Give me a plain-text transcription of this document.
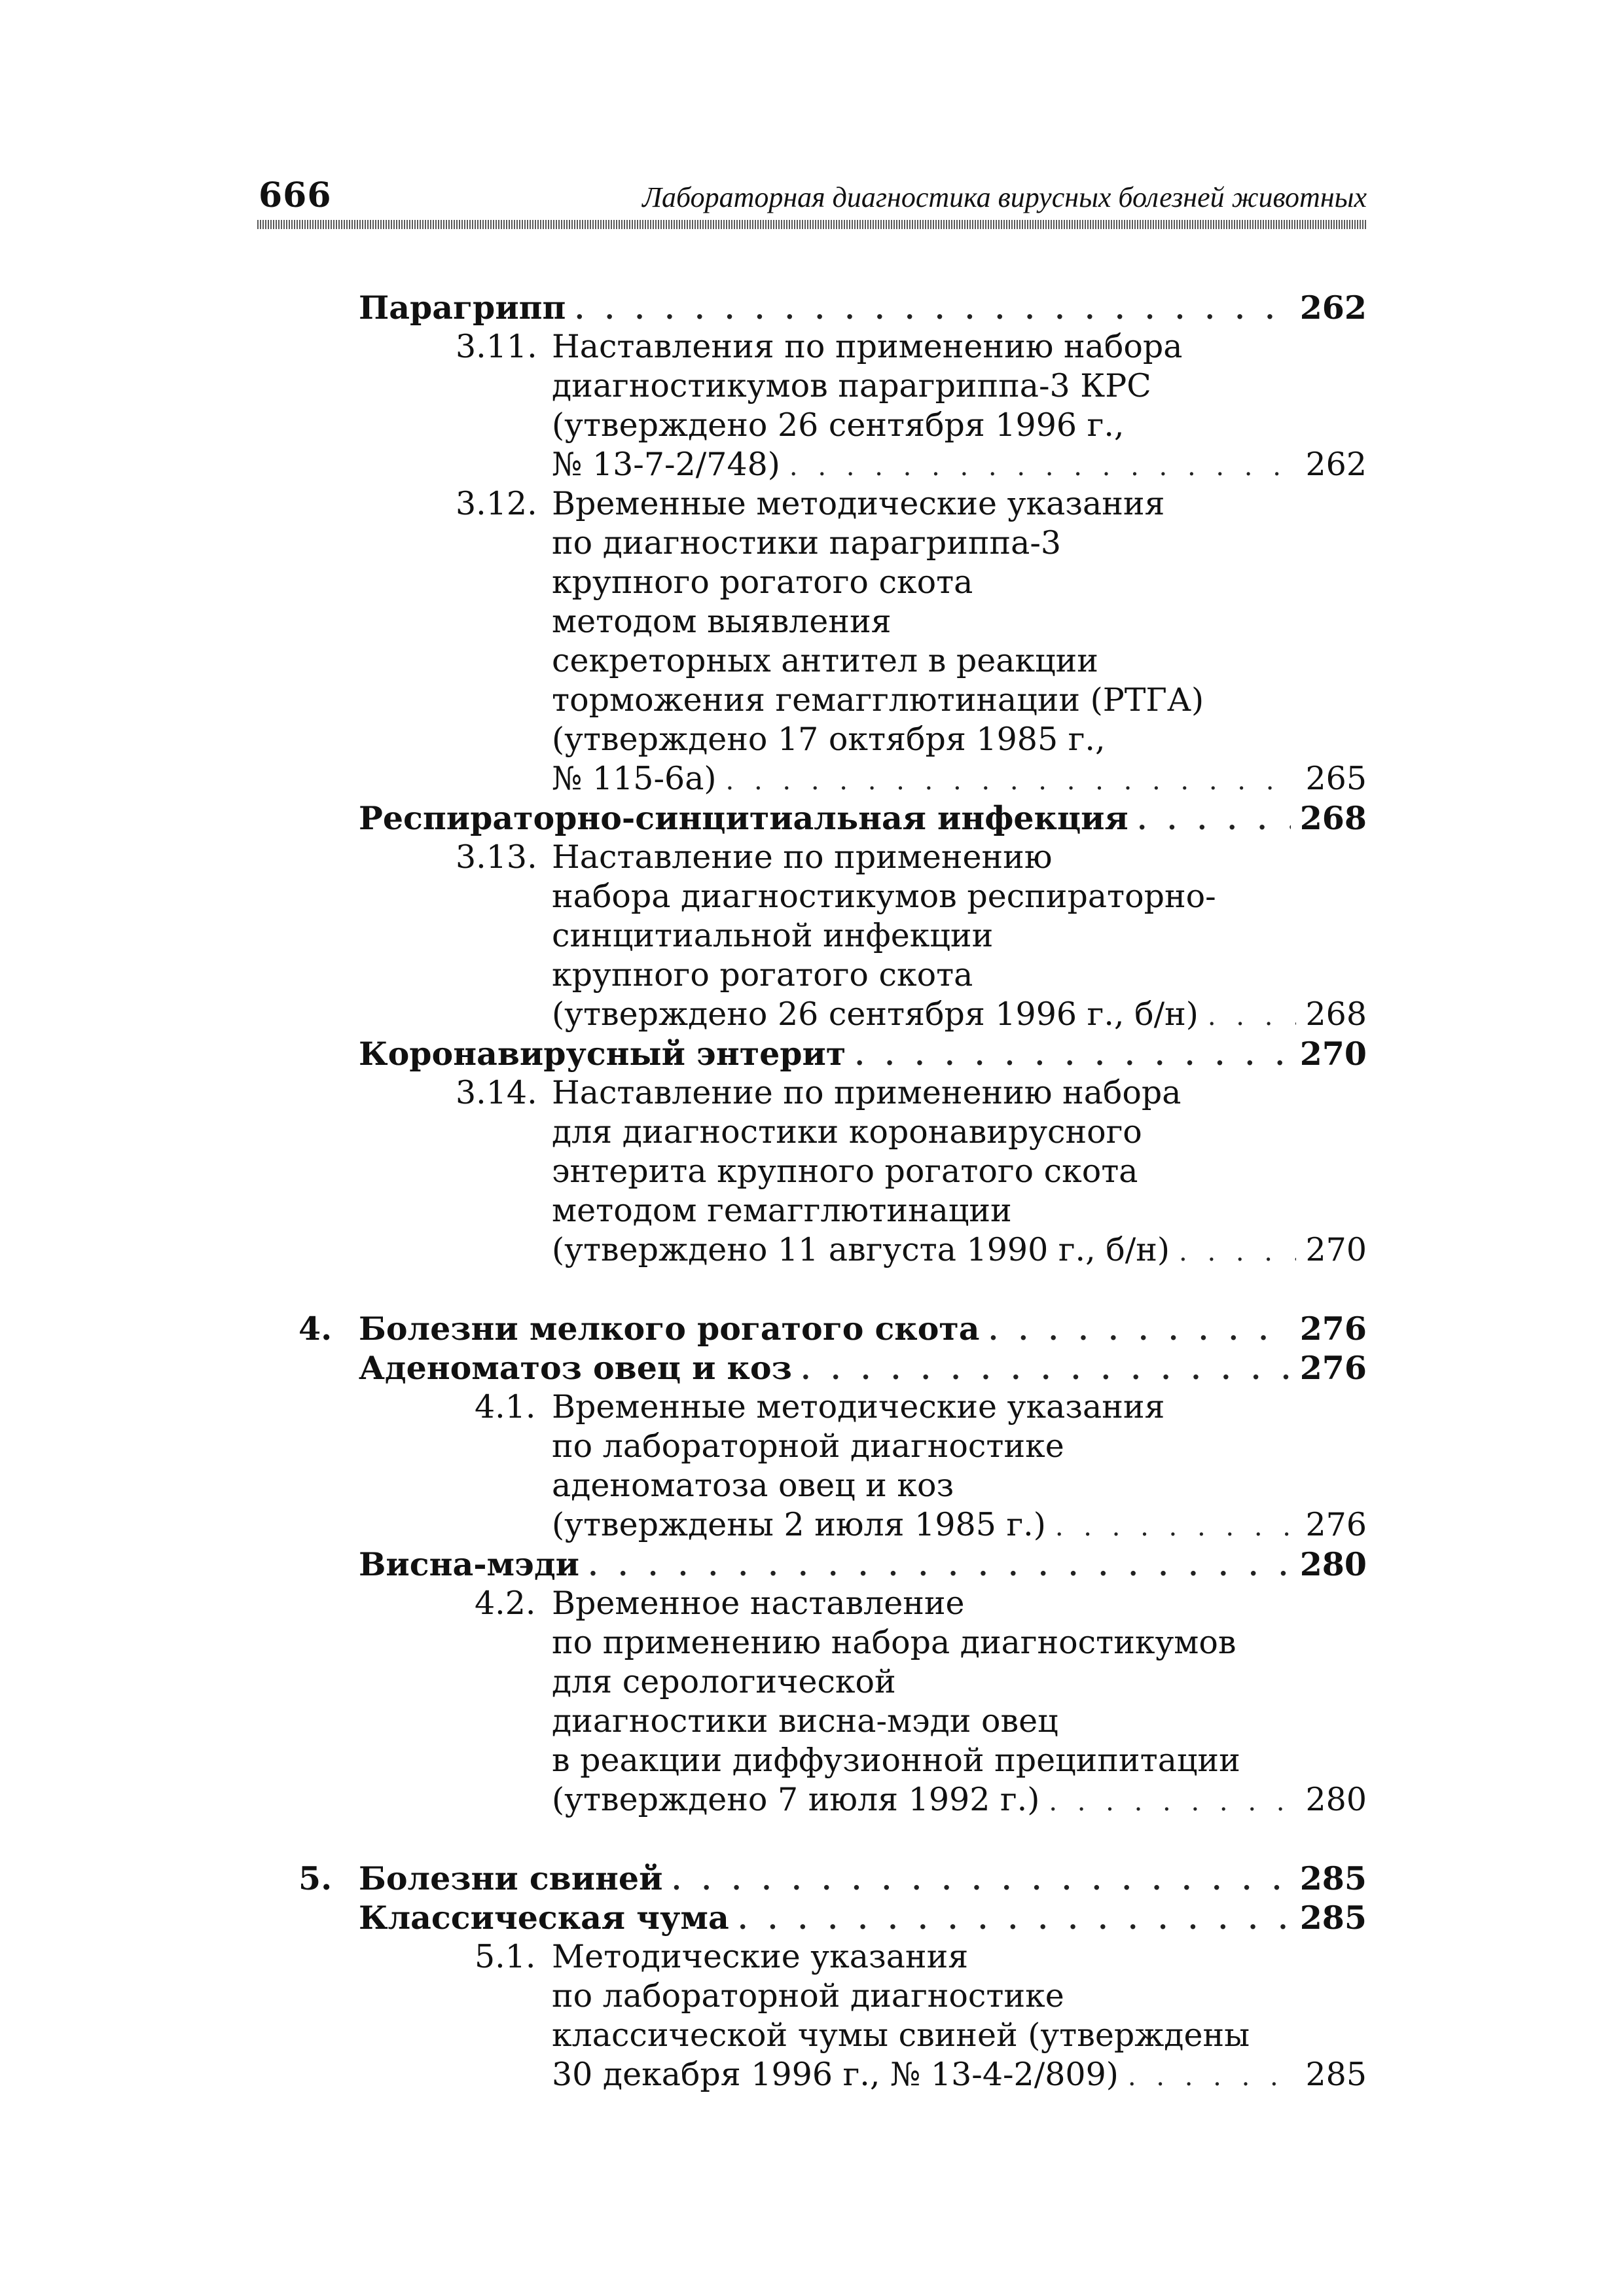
666	Лабораторная диагностика вирусных болезней животных
Парагрипп . . .	262
3.11. Наставления по применению набора
диагностикумов парагриппа-3 КРС
(утверждено 26 сентября 1996 г.,
№ 13-7-2/748) . . .	262
3.12. Временные методические указания
по диагностики парагриппа-3
крупного рогатого скота
методом выявления
секреторных антител в реакции
торможения гемагглютинации (РТГА)
(утверждено 17 октября 1985 г.,
№ 115-6а) . . .	265
Респираторно-синцитиальная инфекция . . .	268
3.13. Наставление по применению
набора диагностикумов респираторно-
синцитиальной инфекции
крупного рогатого скота
(утверждено 26 сентября 1996 г., б/н) . . .	268
Коронавирусный энтерит . . .	270
3.14. Наставление по применению набора
для диагностики коронавирусного
энтерита крупного рогатого скота
методом гемагглютинации
(утверждено 11 августа 1990 г., б/н) . . .	270
4. Болезни мелкого рогатого скота . . .	276
Аденоматоз овец и коз . . .	276
4.1. Временные методические указания
по лабораторной диагностике
аденоматоза овец и коз
(утверждены 2 июля 1985 г.) . . .	276
Висна-мэди . . .	280
4.2. Временное наставление
по применению набора диагностикумов
для серологической
диагностики висна-мэди овец
в реакции диффузионной преципитации
(утверждено 7 июля 1992 г.) . . .	280
5. Болезни свиней . . .	285
Классическая чума . . .	285
5.1. Методические указания
по лабораторной диагностике
классической чумы свиней (утверждены
30 декабря 1996 г., № 13-4-2/809) . . .	285
